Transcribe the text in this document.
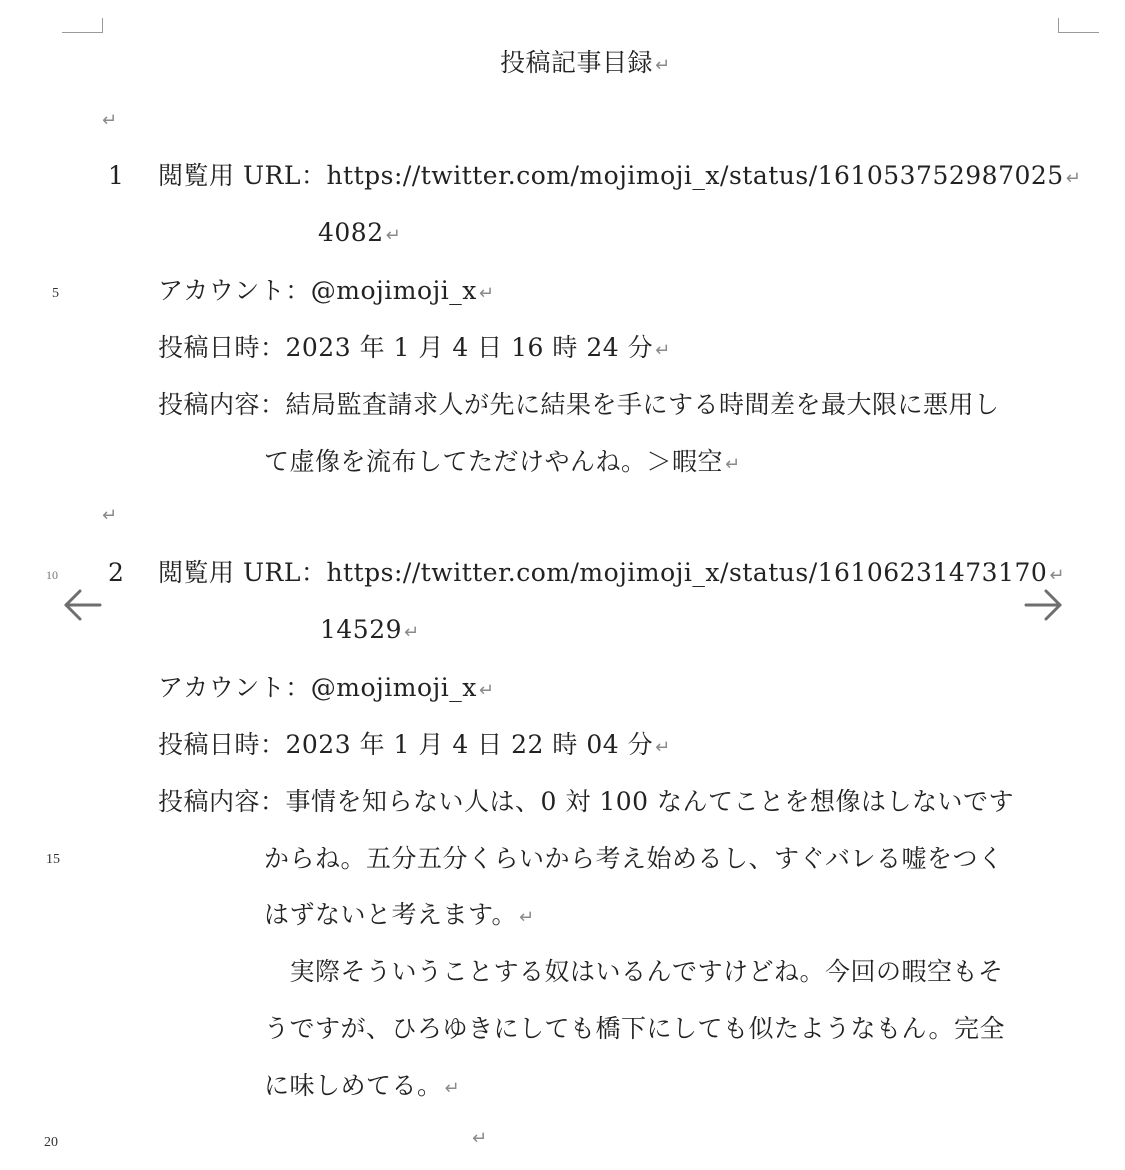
5
10
15
20
投稿記事目録 ↵
↵
1 閲覧用 URL：https://twitter.com/mojimoji_x/status/161053752987025 ↵
4082 ↵
アカウント：@mojimoji_x ↵
投稿日時：2023 年 1 月 4 日 16 時 24 分 ↵
投稿内容：結局監査請求人が先に結果を手にする時間差を最大限に悪用し
て虚像を流布してただけやんね。＞暇空 ↵
↵
2 閲覧用 URL：https://twitter.com/mojimoji_x/status/16106231473170 ↵
14529 ↵
アカウント：@mojimoji_x ↵
投稿日時：2023 年 1 月 4 日 22 時 04 分 ↵
投稿内容：事情を知らない人は、0 対 100 なんてことを想像はしないです
からね。五分五分くらいから考え始めるし、すぐバレる嘘をつく
はずないと考えます。 ↵
　実際そういうことする奴はいるんですけどね。今回の暇空もそ
うですが、ひろゆきにしても橋下にしても似たようなもん。完全
に味しめてる。 ↵
↵
